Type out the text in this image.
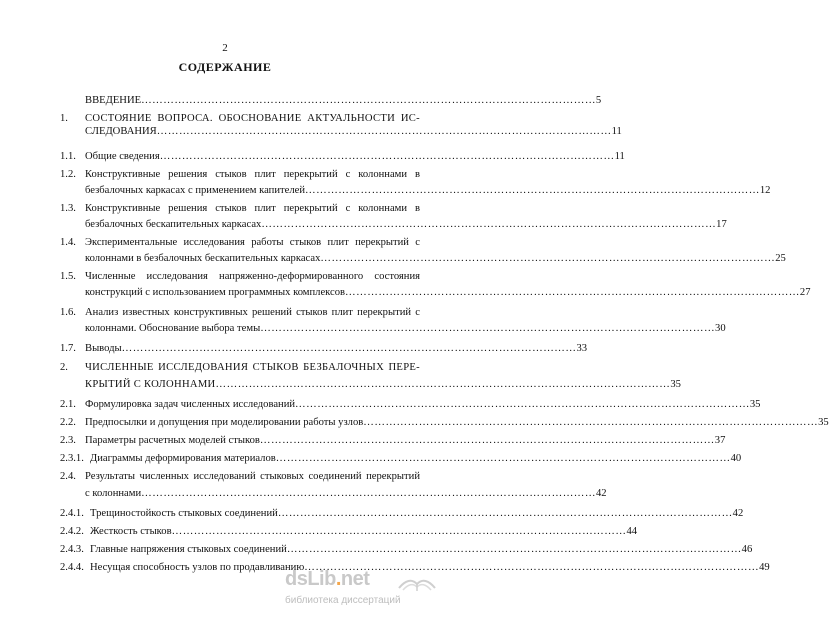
2
СОДЕРЖАНИЕ
ВВЕДЕНИЕ …………………………………………………………………………………………………………… 5
1.	СОСТОЯНИЕ ВОПРОСА. ОБОСНОВАНИЕ АКТУАЛЬНОСТИ ИС-
СЛЕДОВАНИЯ …………………………………………………………………………………………………………… 11
1.1. Общие сведения …………………………………………………………………………………………………………… 11
1.2. Конструктивные решения стыков плит перекрытий с колоннами в
безбалочных каркасах с применением капителей …………………………………………………………………………………………………………… 12
1.3. Конструктивные решения стыков плит перекрытий с колоннами в
безбалочных бескапительных каркасах …………………………………………………………………………………………………………… 17
1.4. Экспериментальные исследования работы стыков плит перекрытий с
колоннами в безбалочных бескапительных каркасах …………………………………………………………………………………………………………… 25
1.5. Численные исследования напряженно-деформированного состояния
конструкций с использованием программных комплексов …………………………………………………………………………………………………………… 27
1.6. Анализ известных конструктивных решений стыков плит перекрытий с
колоннами. Обоснование выбора темы …………………………………………………………………………………………………………… 30
1.7. Выводы …………………………………………………………………………………………………………… 33
2.	ЧИСЛЕННЫЕ ИССЛЕДОВАНИЯ СТЫКОВ БЕЗБАЛОЧНЫХ ПЕРЕ-
КРЫТИЙ С КОЛОННАМИ …………………………………………………………………………………………………………… 35
2.1. Формулировка задач численных исследований …………………………………………………………………………………………………………… 35
2.2. Предпосылки и допущения при моделировании работы узлов …………………………………………………………………………………………………………… 35
2.3. Параметры расчетных моделей стыков …………………………………………………………………………………………………………… 37
2.3.1. Диаграммы деформирования материалов …………………………………………………………………………………………………………… 40
2.4. Результаты численных исследований стыковых соединений перекрытий
с колоннами …………………………………………………………………………………………………………… 42
2.4.1. Трещиностойкость стыковых соединений …………………………………………………………………………………………………………… 42
2.4.2. Жесткость стыков …………………………………………………………………………………………………………… 44
2.4.3. Главные напряжения стыковых соединений …………………………………………………………………………………………………………… 46
2.4.4. Несущая способность узлов по продавливанию …………………………………………………………………………………………………………… 49
dsLib.net
библиотека диссертаций
